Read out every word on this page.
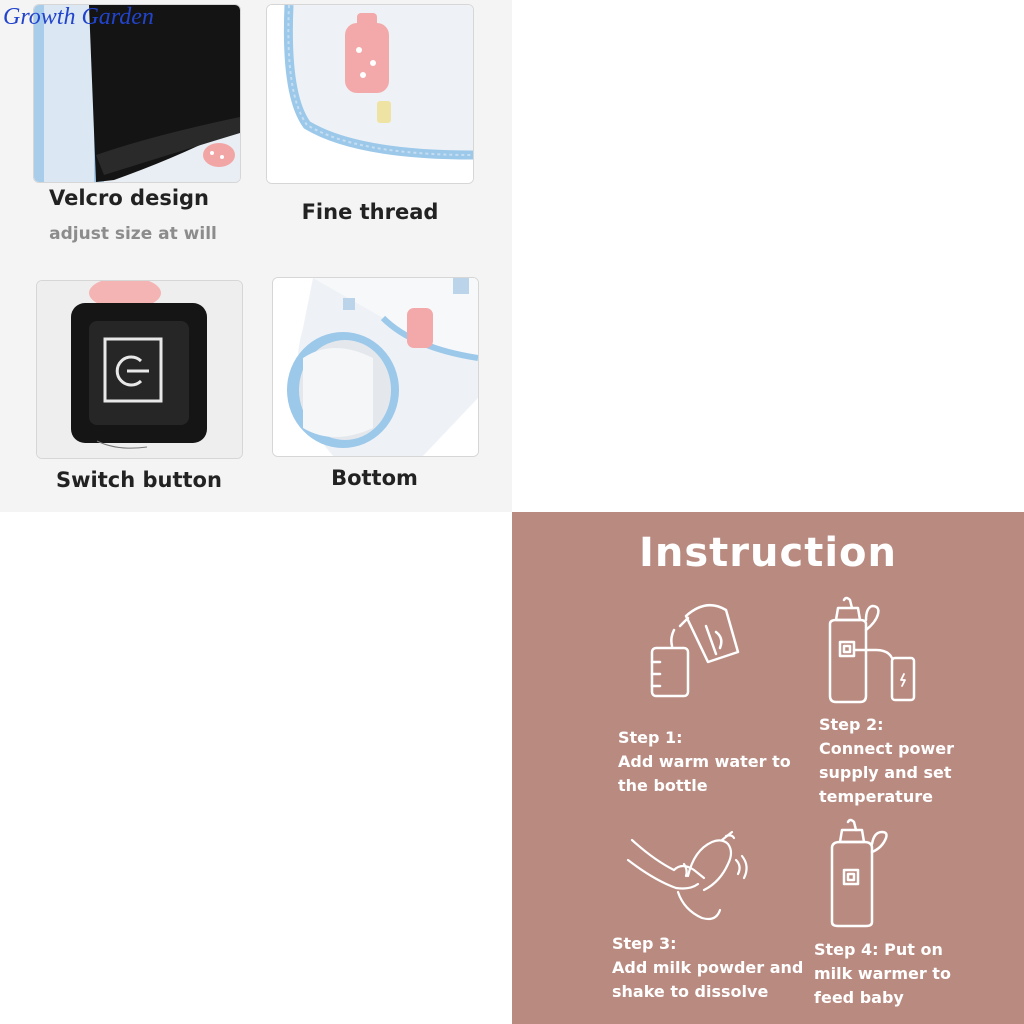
Growth Garden
Velcro design
adjust size at will
Fine thread
Switch button	Bottom
Instruction
Step 1:
Add warm water to
the bottle
Step 2:
Connect power
supply and set
temperature
Step 3:
Add milk powder and
shake to dissolve
Step 4: Put on
milk warmer to
feed baby
